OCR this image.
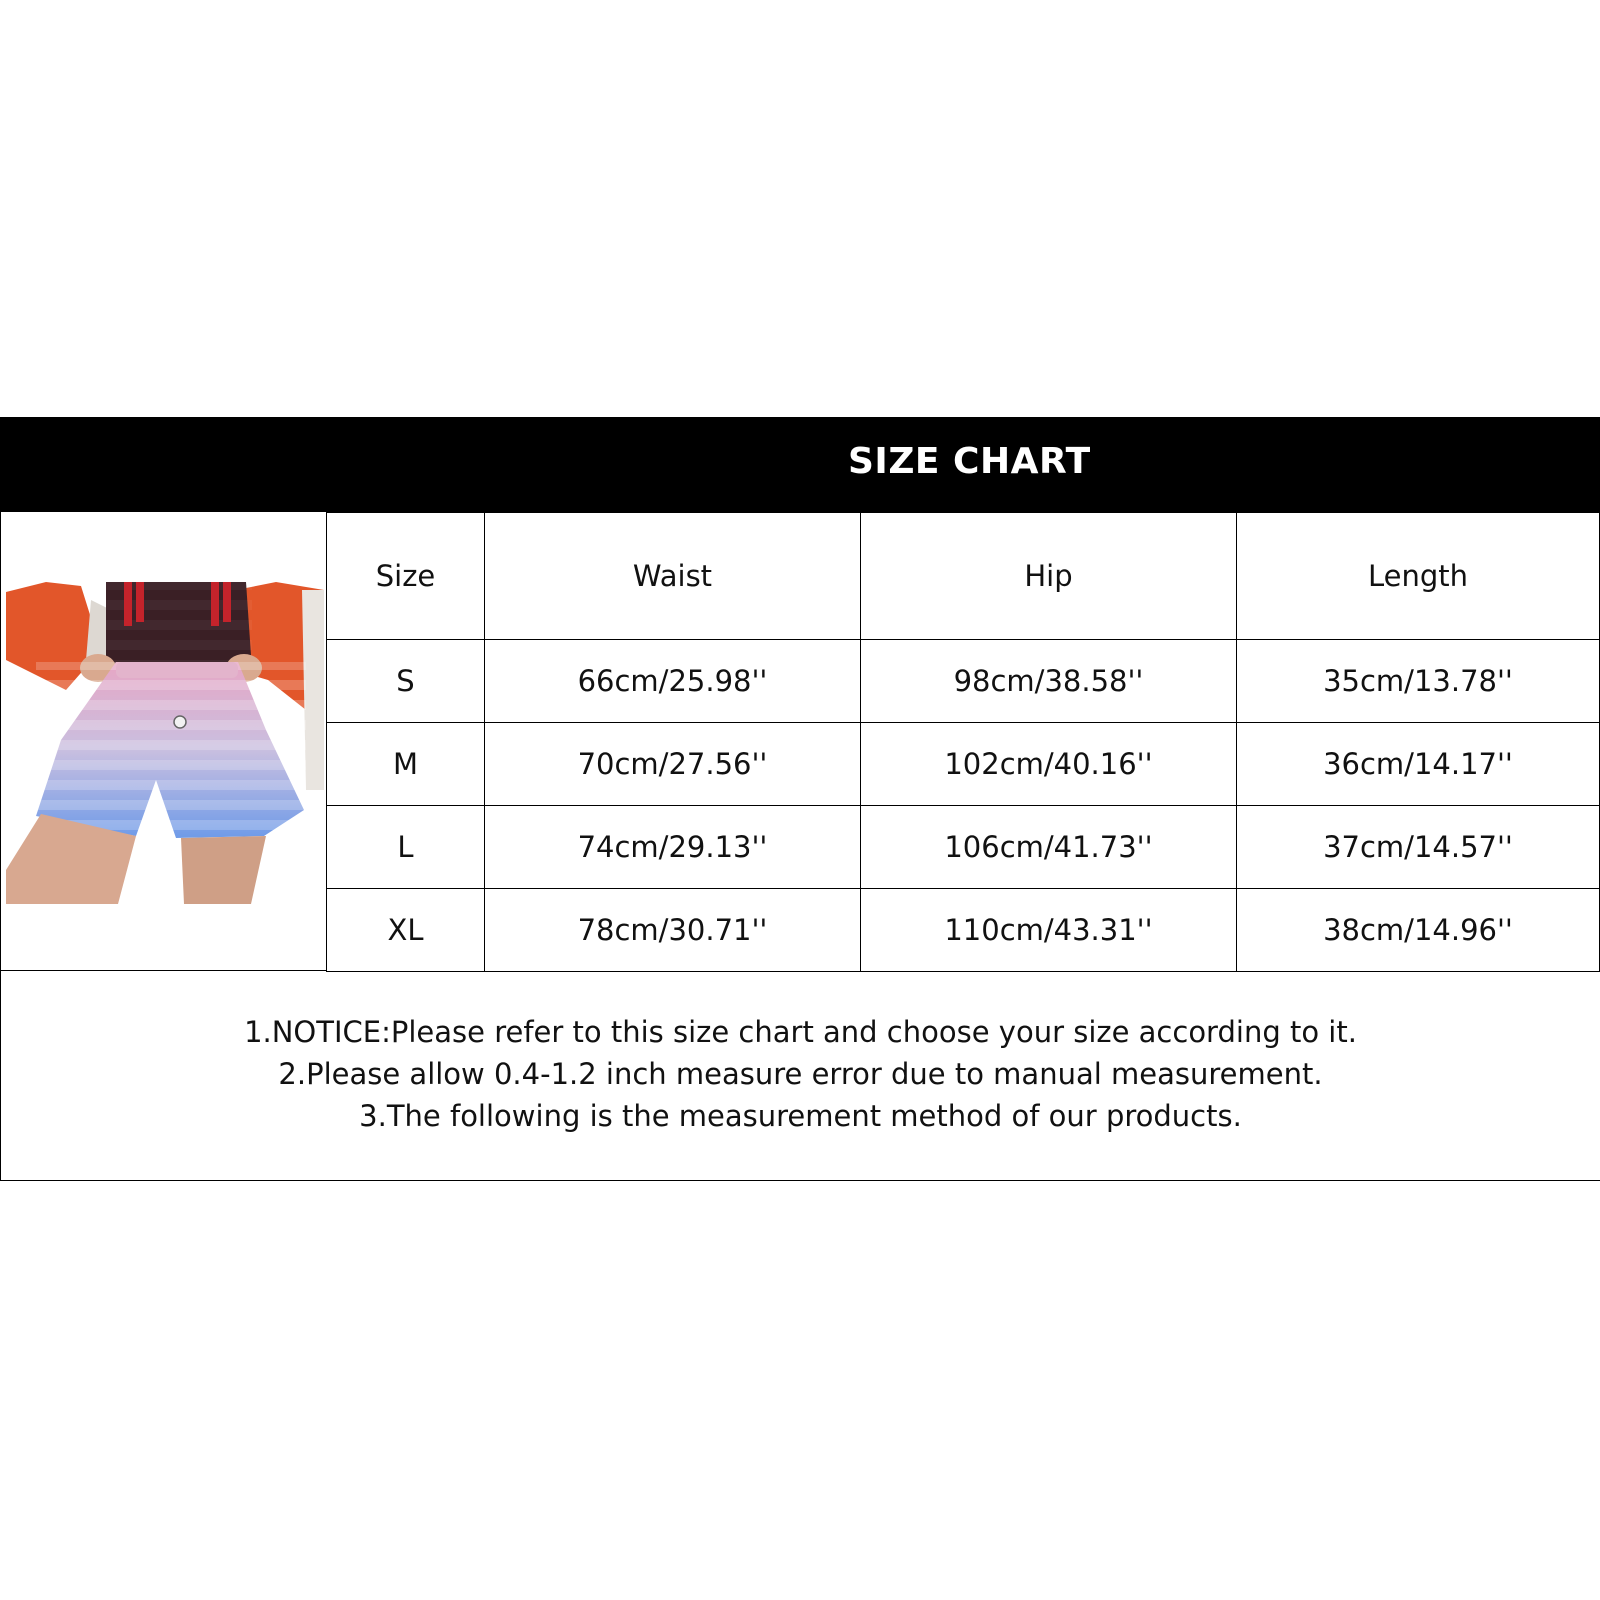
SIZE CHART
Size	Waist	Hip	Length
S	66cm/25.98''	98cm/38.58''	35cm/13.78''
M	70cm/27.56''	102cm/40.16''	36cm/14.17''
L	74cm/29.13''	106cm/41.73''	37cm/14.57''
XL	78cm/30.71''	110cm/43.31''	38cm/14.96''
1.NOTICE:Please refer to this size chart and choose your size according to it.
2.Please allow 0.4-1.2 inch measure error due to manual measurement.
3.The following is the measurement method of our products.
